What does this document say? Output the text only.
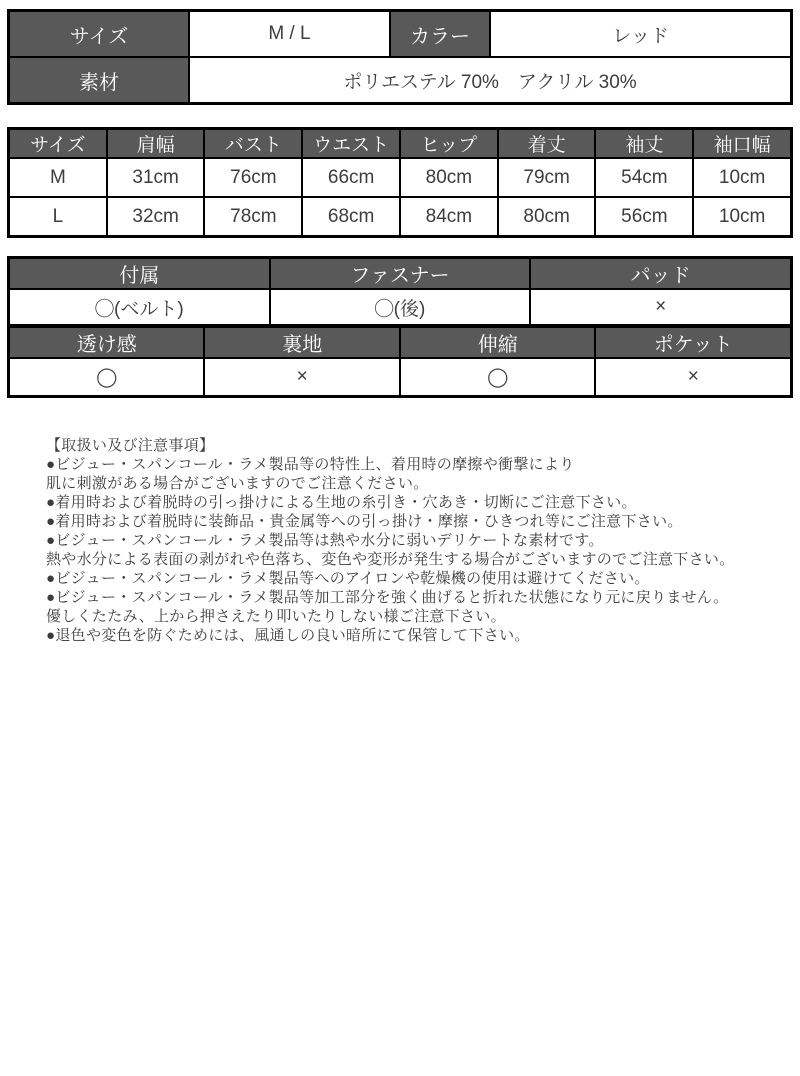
サイズ	M / L	カラー	レッド
素材	ポリエステル 70%　アクリル 30%		
サイズ	肩幅	バスト	ウエスト	ヒップ	着丈	袖丈	袖口幅
M	31cm	76cm	66cm	80cm	79cm	54cm	10cm
L	32cm	78cm	68cm	84cm	80cm	56cm	10cm
付属	ファスナー	パッド
◯(ベルト)	◯(後)	×
透け感	裏地	伸縮	ポケット
◯	×	◯	×
【取扱い及び注意事項】
●ビジュー・スパンコール・ラメ製品等の特性上、着用時の摩擦や衝撃により
肌に刺激がある場合がございますのでご注意ください。
●着用時および着脱時の引っ掛けによる生地の糸引き・穴あき・切断にご注意下さい。
●着用時および着脱時に装飾品・貴金属等への引っ掛け・摩擦・ひきつれ等にご注意下さい。
●ビジュー・スパンコール・ラメ製品等は熱や水分に弱いデリケートな素材です。
熱や水分による表面の剥がれや色落ち、変色や変形が発生する場合がございますのでご注意下さい。
●ビジュー・スパンコール・ラメ製品等へのアイロンや乾燥機の使用は避けてください。
●ビジュー・スパンコール・ラメ製品等加工部分を強く曲げると折れた状態になり元に戻りません。
優しくたたみ、上から押さえたり叩いたりしない様ご注意下さい。
●退色や変色を防ぐためには、風通しの良い暗所にて保管して下さい。
